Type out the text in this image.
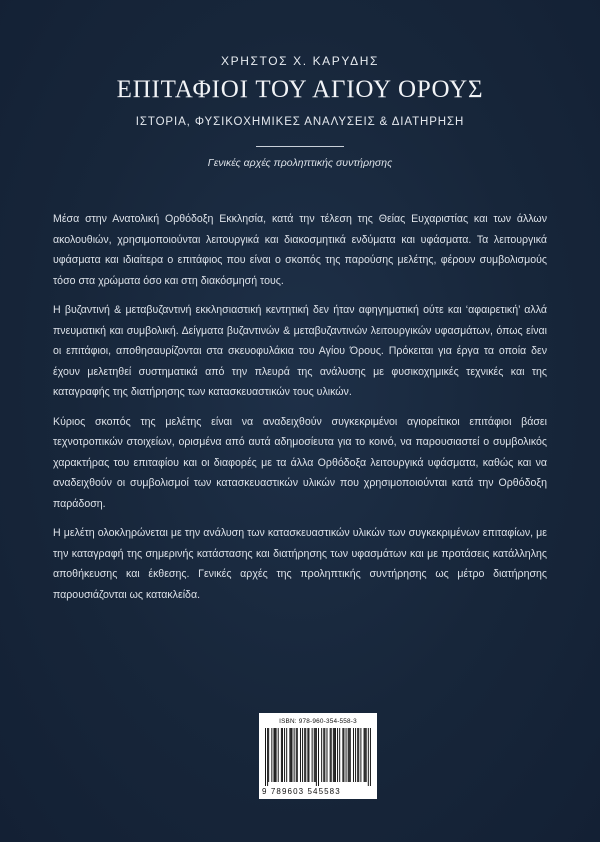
ΧΡΗΣΤΟΣ Χ. ΚΑΡΥΔΗΣ
ΕΠΙΤΑΦΙΟΙ ΤΟΥ ΑΓΙΟΥ ΟΡΟΥΣ
ΙΣΤΟΡΙΑ, ΦΥΣΙΚΟΧΗΜΙΚΕΣ ΑΝΑΛΥΣΕΙΣ & ΔΙΑΤΗΡΗΣΗ
Γενικές αρχές προληπτικής συντήρησης

Μέσα στην Ανατολική Ορθόδοξη Εκκλησία, κατά την τέλεση της Θείας Ευχαριστίας και των άλλων ακολουθιών, χρησιμοποιούνται λειτουργικά και διακοσμητικά ενδύματα και υφάσματα. Τα λειτουργικά υφάσματα και ιδιαίτερα ο επιτάφιος που είναι ο σκοπός της παρούσης μελέτης, φέρουν συμβολισμούς τόσο στα χρώματα όσο και στη διακόσμησή τους.

Η βυζαντινή & μεταβυζαντινή εκκλησιαστική κεντητική δεν ήταν αφηγηματική ούτε και ‘αφαιρετική’ αλλά πνευματική και συμβολική. Δείγματα βυζαντινών & μεταβυζαντινών λειτουργικών υφασμάτων, όπως είναι οι επιτάφιοι, αποθησαυρίζονται στα σκευοφυλάκια του Αγίου Όρους. Πρόκειται για έργα τα οποία δεν έχουν μελετηθεί συστηματικά από την πλευρά της ανάλυσης με φυσικοχημικές τεχνικές και της καταγραφής της διατήρησης των κατασκευαστικών τους υλικών.

Κύριος σκοπός της μελέτης είναι να αναδειχθούν συγκεκριμένοι αγιορείτικοι επιτάφιοι βάσει τεχνοτροπικών στοιχείων, ορισμένα από αυτά αδημοσίευτα για το κοινό, να παρουσιαστεί ο συμβολικός χαρακτήρας του επιταφίου και οι διαφορές με τα άλλα Ορθόδοξα λειτουργικά υφάσματα, καθώς και να αναδειχθούν οι συμβολισμοί των κατασκευαστικών υλικών που χρησιμοποιούνται κατά την Ορθόδοξη παράδοση.

Η μελέτη ολοκληρώνεται με την ανάλυση των κατασκευαστικών υλικών των συγκεκριμένων επιταφίων, με την καταγραφή της σημερινής κατάστασης και διατήρησης των υφασμάτων και με προτάσεις κατάλληλης αποθήκευσης και έκθεσης. Γενικές αρχές της προληπτικής συντήρησης ως μέτρο διατήρησης παρουσιάζονται ως κατακλείδα.

ISBN: 978-960-354-558-3
9 789603 545583
